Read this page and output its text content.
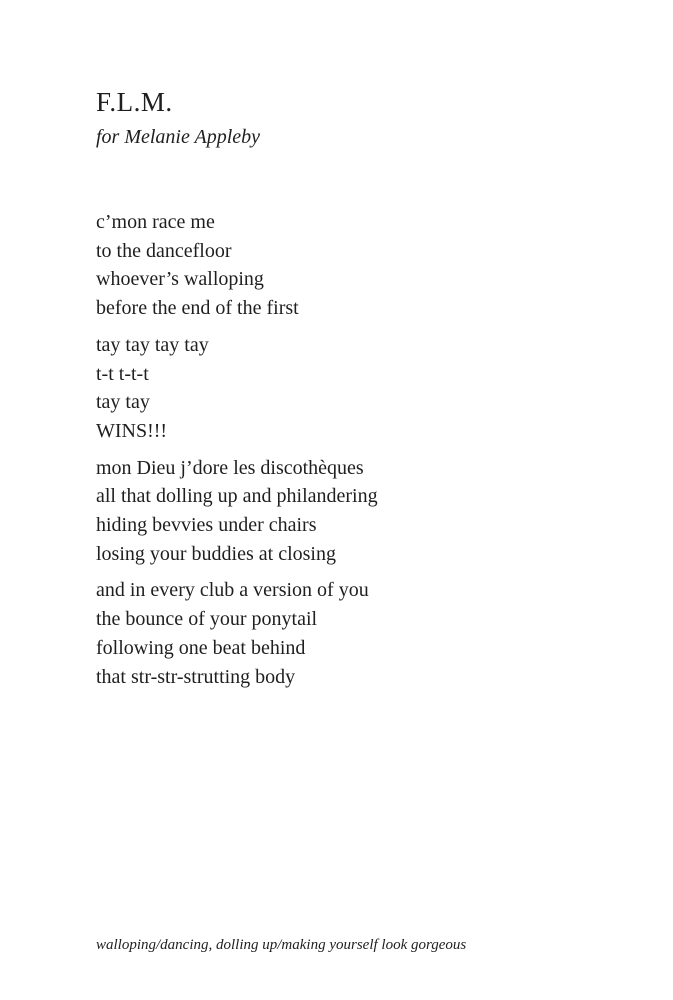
F.L.M.

for Melanie Appleby

c’mon race me
to the dancefloor
whoever’s walloping
before the end of the first
tay tay tay tay
t-t t-t-t
tay tay
WINS!!!
mon Dieu j’dore les discothèques
all that dolling up and philandering
hiding bevvies under chairs
losing your buddies at closing
and in every club a version of you
the bounce of your ponytail
following one beat behind
that str-str-strutting body

walloping/dancing, dolling up/making yourself look gorgeous
